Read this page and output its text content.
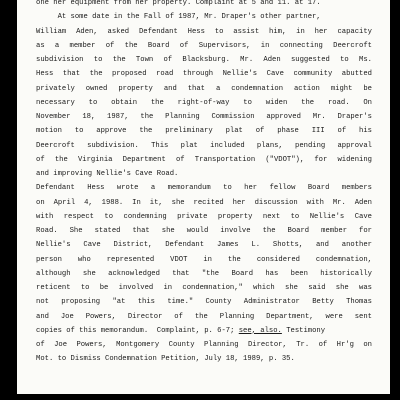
one her equipment from her property. Complaint at 5 and 11. at 17.
At some date in the Fall of 1987, Mr. Draper's other partner,
William Aden, asked Defendant Hess to assist him, in her capacity
as a member of the Board of Supervisors, in connecting Deercroft
subdivision to the Town of Blacksburg. Mr. Aden suggested to Ms.
Hess that the proposed road through Nellie's Cave community abutted
privately owned property and that a condemnation action might be
necessary to obtain the right-of-way to widen the road. On
November 18, 1987, the Planning Commission approved Mr. Draper's
motion to approve the preliminary plat of phase III of his
Deercroft subdivision. This plat included plans, pending approval
of the Virginia Department of Transportation ("VDOT"), for widening
and improving Nellie's Cave Road.
Defendant Hess wrote a memorandum to her fellow Board members
on April 4, 1988. In it, she recited her discussion with Mr. Aden
with respect to condemning private property next to Nellie's Cave
Road. She stated that she would involve the Board member for
Nellie's Cave District, Defendant James L. Shotts, and another
person who represented VDOT in the considered condemnation,
although she acknowledged that "the Board has been historically
reticent to be involved in condemnation," which she said she was
not proposing "at this time." County Administrator Betty Thomas
and Joe Powers, Director of the Planning Department, were sent
copies of this memorandum.  Complaint, p. 6-7; see, also. Testimony
of Joe Powers, Montgomery County Planning Director, Tr. of Hr'g on
Mot. to Dismiss Condemnation Petition, July 18, 1989, p. 35.
